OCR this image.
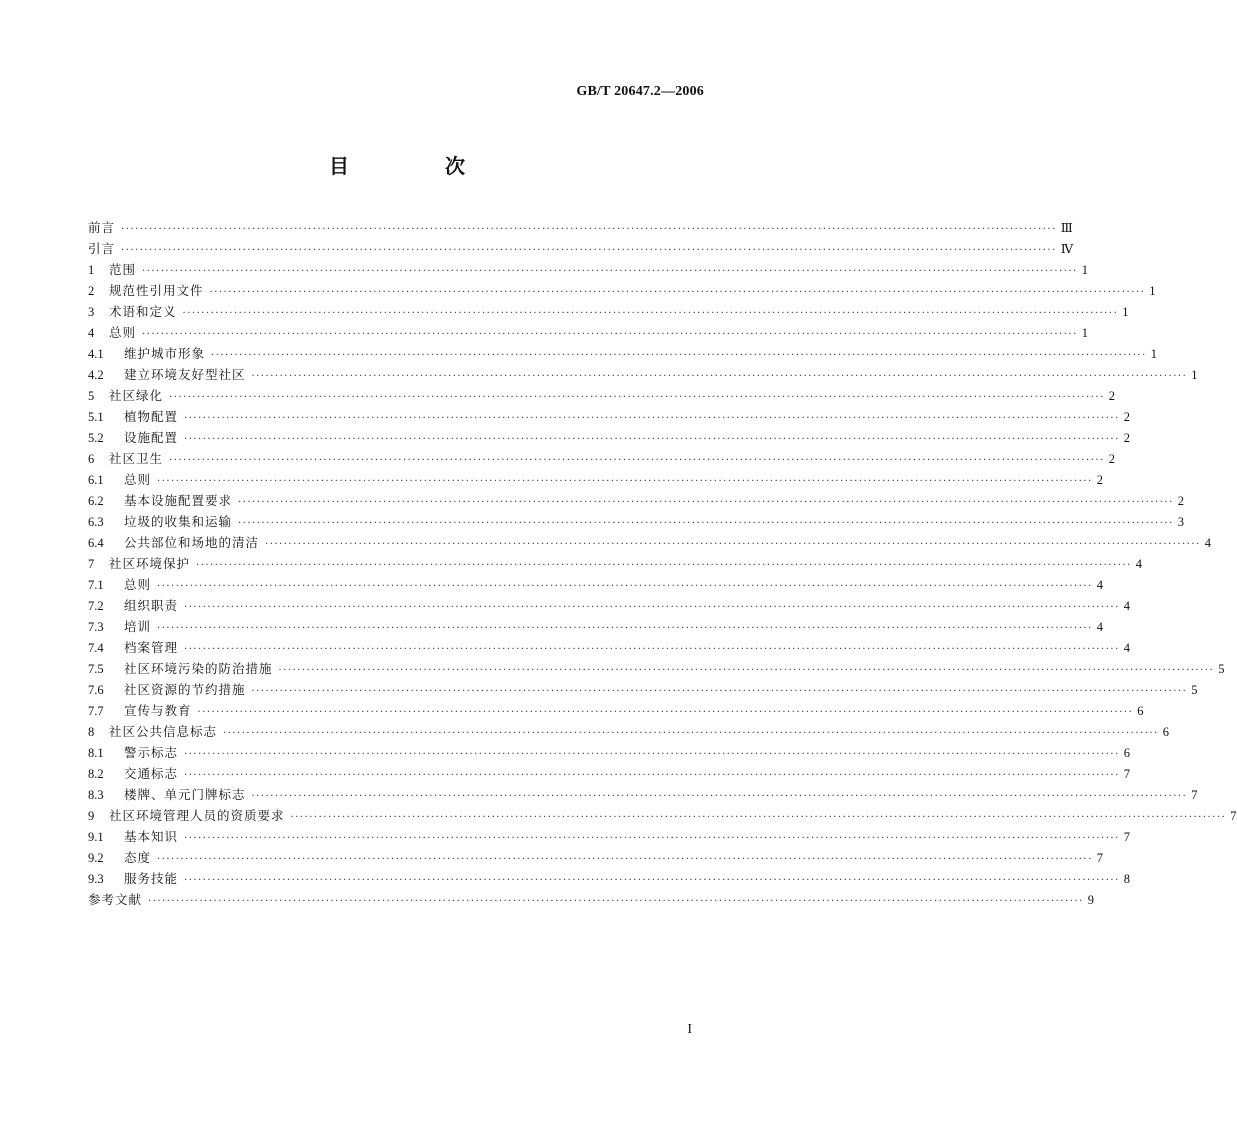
GB/T 20647.2—2006
目　次
前言 ········································································································································································································ Ⅲ
引言 ········································································································································································································ Ⅳ
1	范围 ········································································································································································································ 1
2	规范性引用文件 ········································································································································································································ 1
3	术语和定义 ········································································································································································································ 1
4	总则 ········································································································································································································ 1
4.1	维护城市形象 ········································································································································································································ 1
4.2	建立环境友好型社区 ········································································································································································································ 1
5	社区绿化 ········································································································································································································ 2
5.1	植物配置 ········································································································································································································ 2
5.2	设施配置 ········································································································································································································ 2
6	社区卫生 ········································································································································································································ 2
6.1	总则 ········································································································································································································ 2
6.2	基本设施配置要求 ········································································································································································································ 2
6.3	垃圾的收集和运输 ········································································································································································································ 3
6.4	公共部位和场地的清洁 ········································································································································································································ 4
7	社区环境保护 ········································································································································································································ 4
7.1	总则 ········································································································································································································ 4
7.2	组织职责 ········································································································································································································ 4
7.3	培训 ········································································································································································································ 4
7.4	档案管理 ········································································································································································································ 4
7.5	社区环境污染的防治措施 ········································································································································································································ 5
7.6	社区资源的节约措施 ········································································································································································································ 5
7.7	宣传与教育 ········································································································································································································ 6
8	社区公共信息标志 ········································································································································································································ 6
8.1	警示标志 ········································································································································································································ 6
8.2	交通标志 ········································································································································································································ 7
8.3	楼牌、单元门牌标志 ········································································································································································································ 7
9	社区环境管理人员的资质要求 ········································································································································································································ 7
9.1	基本知识 ········································································································································································································ 7
9.2	态度 ········································································································································································································ 7
9.3	服务技能 ········································································································································································································ 8
参考文献 ········································································································································································································ 9
I
